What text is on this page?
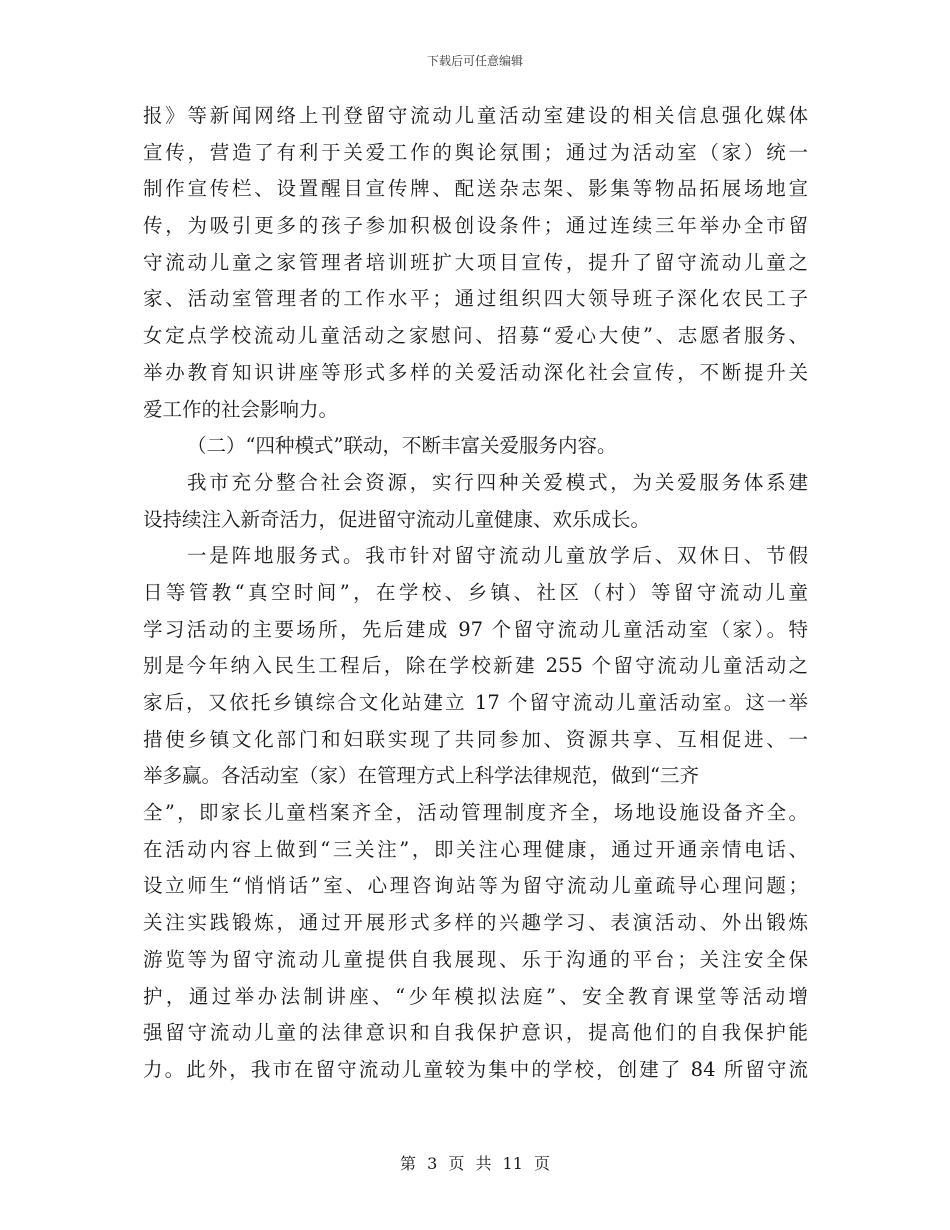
下载后可任意编辑
报》等新闻网络上刊登留守流动儿童活动室建设的相关信息强化媒体
宣传，营造了有利于关爱工作的舆论氛围；通过为活动室（家）统一
制作宣传栏、设置醒目宣传牌、配送杂志架、影集等物品拓展场地宣
传，为吸引更多的孩子参加积极创设条件；通过连续三年举办全市留
守流动儿童之家管理者培训班扩大项目宣传，提升了留守流动儿童之
家、活动室管理者的工作水平；通过组织四大领导班子深化农民工子
女定点学校流动儿童活动之家慰问、招募“爱心大使”、志愿者服务、
举办教育知识讲座等形式多样的关爱活动深化社会宣传，不断提升关
爱工作的社会影响力。
（二）“四种模式”联动，不断丰富关爱服务内容。
我市充分整合社会资源，实行四种关爱模式，为关爱服务体系建
设持续注入新奇活力，促进留守流动儿童健康、欢乐成长。
一是阵地服务式。我市针对留守流动儿童放学后、双休日、节假
日等管教“真空时间”，在学校、乡镇、社区（村）等留守流动儿童
学习活动的主要场所，先后建成 97 个留守流动儿童活动室（家）。特
别是今年纳入民生工程后，除在学校新建 255 个留守流动儿童活动之
家后，又依托乡镇综合文化站建立 17 个留守流动儿童活动室。这一举
措使乡镇文化部门和妇联实现了共同参加、资源共享、互相促进、一
举多赢。各活动室（家）在管理方式上科学法律规范，做到“三齐
全”，即家长儿童档案齐全，活动管理制度齐全，场地设施设备齐全。
在活动内容上做到“三关注”，即关注心理健康，通过开通亲情电话、
设立师生“悄悄话”室、心理咨询站等为留守流动儿童疏导心理问题；
关注实践锻炼，通过开展形式多样的兴趣学习、表演活动、外出锻炼
游览等为留守流动儿童提供自我展现、乐于沟通的平台；关注安全保
护，通过举办法制讲座、“少年模拟法庭”、安全教育课堂等活动增
强留守流动儿童的法律意识和自我保护意识，提高他们的自我保护能
力。此外，我市在留守流动儿童较为集中的学校，创建了 84 所留守流
第 3 页 共 11 页
